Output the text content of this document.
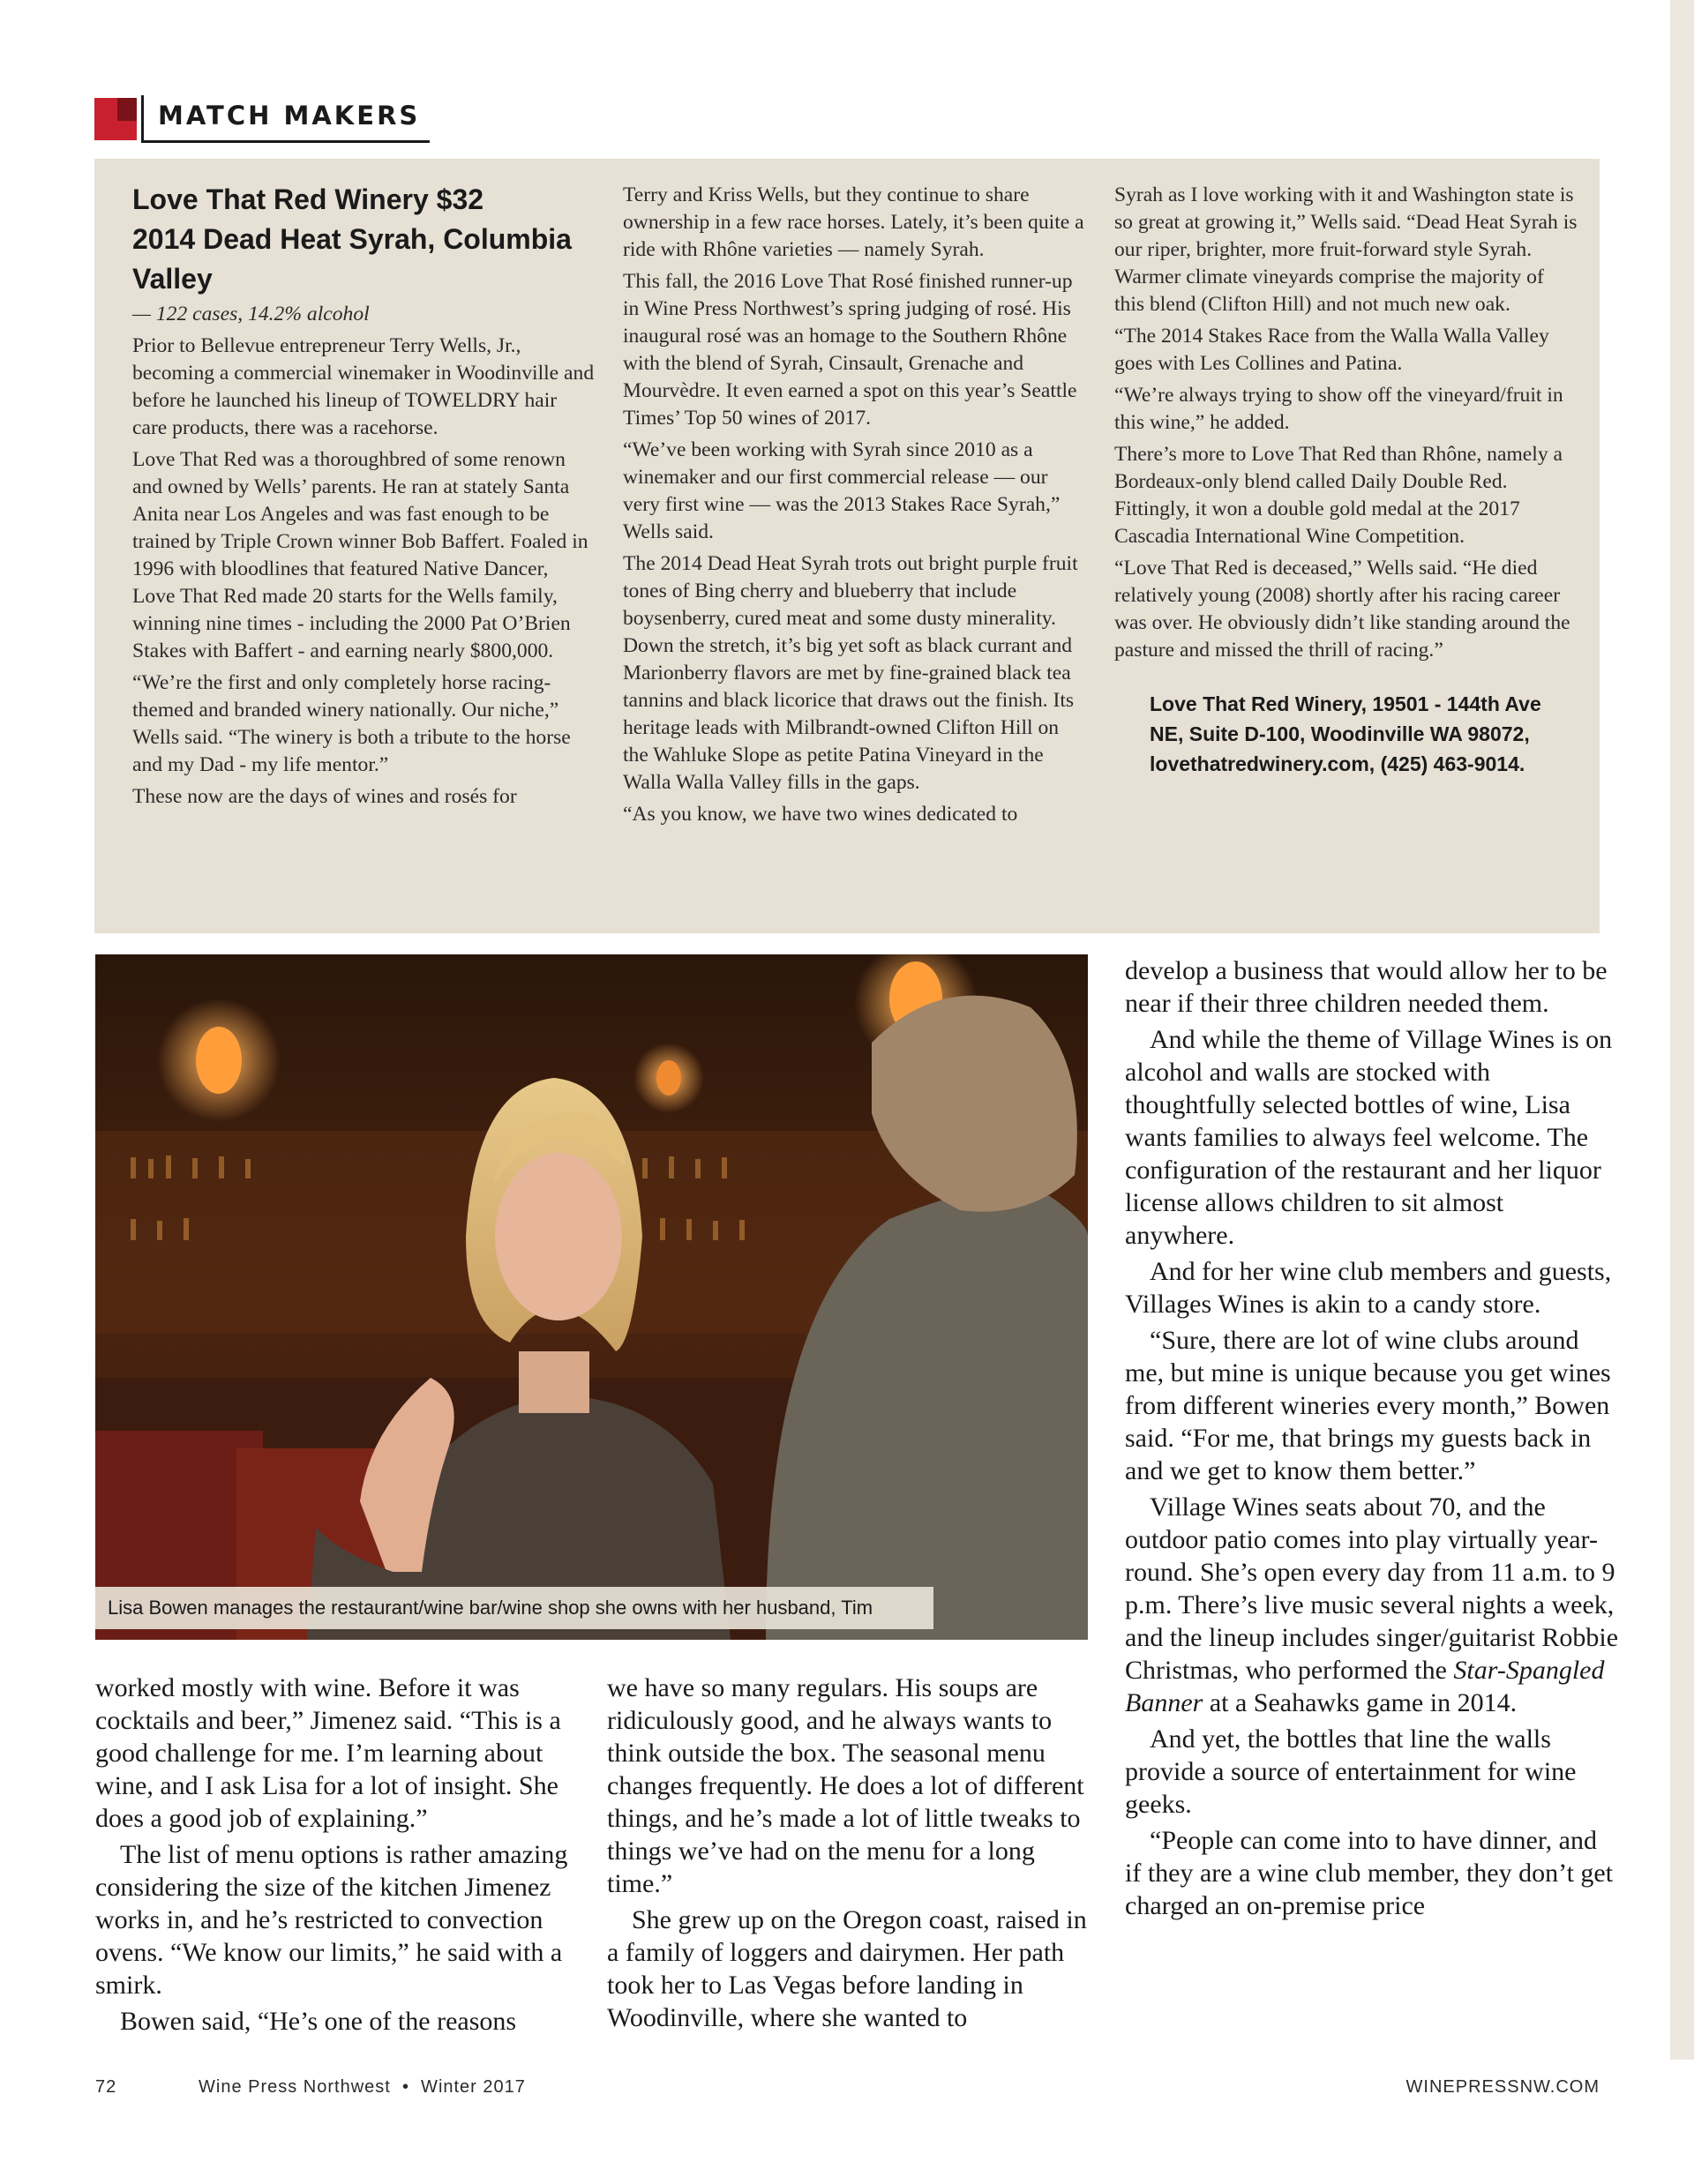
MATCH MAKERS

Love That Red Winery $32

2014 Dead Heat Syrah, Columbia

Valley

— 122 cases, 14.2% alcohol

Prior to Bellevue entrepreneur Terry Wells, Jr., becoming a commercial winemaker in Woodinville and before he launched his lineup of TOWELDRY hair care products, there was a racehorse.

Love That Red was a thoroughbred of some renown and owned by Wells’ parents. He ran at stately Santa Anita near Los Angeles and was fast enough to be trained by Triple Crown winner Bob Baffert. Foaled in 1996 with bloodlines that featured Native Dancer, Love That Red made 20 starts for the Wells family, winning nine times - including the 2000 Pat O’Brien Stakes with Baffert - and earning nearly $800,000.

“We’re the first and only completely horse racing-themed and branded winery nationally. Our niche,” Wells said. “The winery is both a tribute to the horse and my Dad - my life mentor.”

These now are the days of wines and rosés for

Terry and Kriss Wells, but they continue to share ownership in a few race horses. Lately, it’s been quite a ride with Rhône varieties — namely Syrah.

This fall, the 2016 Love That Rosé finished runner-up in Wine Press Northwest’s spring judging of rosé. His inaugural rosé was an homage to the Southern Rhône with the blend of Syrah, Cinsault, Grenache and Mourvèdre. It even earned a spot on this year’s Seattle Times’ Top 50 wines of 2017.

“We’ve been working with Syrah since 2010 as a winemaker and our first commercial release — our very first wine — was the 2013 Stakes Race Syrah,” Wells said.

The 2014 Dead Heat Syrah trots out bright purple fruit tones of Bing cherry and blueberry that include boysenberry, cured meat and some dusty minerality. Down the stretch, it’s big yet soft as black currant and Marionberry flavors are met by fine-grained black tea tannins and black licorice that draws out the finish. Its heritage leads with Milbrandt-owned Clifton Hill on the Wahluke Slope as petite Patina Vineyard in the Walla Walla Valley fills in the gaps.

“As you know, we have two wines dedicated to

Syrah as I love working with it and Washington state is so great at growing it,” Wells said. “Dead Heat Syrah is our riper, brighter, more fruit-forward style Syrah. Warmer climate vineyards comprise the majority of this blend (Clifton Hill) and not much new oak.

“The 2014 Stakes Race from the Walla Walla Valley goes with Les Collines and Patina.

“We’re always trying to show off the vineyard/fruit in this wine,” he added.

There’s more to Love That Red than Rhône, namely a Bordeaux-only blend called Daily Double Red. Fittingly, it won a double gold medal at the 2017 Cascadia International Wine Competition.

“Love That Red is deceased,” Wells said. “He died relatively young (2008) shortly after his racing career was over. He obviously didn’t like standing around the pasture and missed the thrill of racing.”

Love That Red Winery, 19501 - 144th Ave NE, Suite D-100, Woodinville WA 98072, lovethatredwinery.com, (425) 463-9014.

Lisa Bowen manages the restaurant/wine bar/wine shop she owns with her husband, Tim

develop a business that would allow her to be near if their three children needed them.

And while the theme of Village Wines is on alcohol and walls are stocked with thoughtfully selected bottles of wine, Lisa wants families to always feel welcome. The configuration of the restaurant and her liquor license allows children to sit almost anywhere.

And for her wine club members and guests, Villages Wines is akin to a candy store.

“Sure, there are lot of wine clubs around me, but mine is unique because you get wines from different wineries every month,” Bowen said. “For me, that brings my guests back in and we get to know them better.”

Village Wines seats about 70, and the outdoor patio comes into play virtually year-round. She’s open every day from 11 a.m. to 9 p.m. There’s live music several nights a week, and the lineup includes singer/guitarist Robbie Christmas, who performed the Star-Spangled Banner at a Seahawks game in 2014.

And yet, the bottles that line the walls provide a source of entertainment for wine geeks.

“People can come into to have dinner, and if they are a wine club member, they don’t get charged an on-premise price

worked mostly with wine. Before it was cocktails and beer,” Jimenez said. “This is a good challenge for me. I’m learning about wine, and I ask Lisa for a lot of insight. She does a good job of explaining.”

The list of menu options is rather amazing considering the size of the kitchen Jimenez works in, and he’s restricted to convection ovens. “We know our limits,” he said with a smirk.

Bowen said, “He’s one of the reasons

we have so many regulars. His soups are ridiculously good, and he always wants to think outside the box. The seasonal menu changes frequently. He does a lot of different things, and he’s made a lot of little tweaks to things we’ve had on the menu for a long time.”

She grew up on the Oregon coast, raised in a family of loggers and dairymen. Her path took her to Las Vegas before landing in Woodinville, where she wanted to

72	Wine Press Northwest  •  Winter 2017	WINEPRESSNW.COM
